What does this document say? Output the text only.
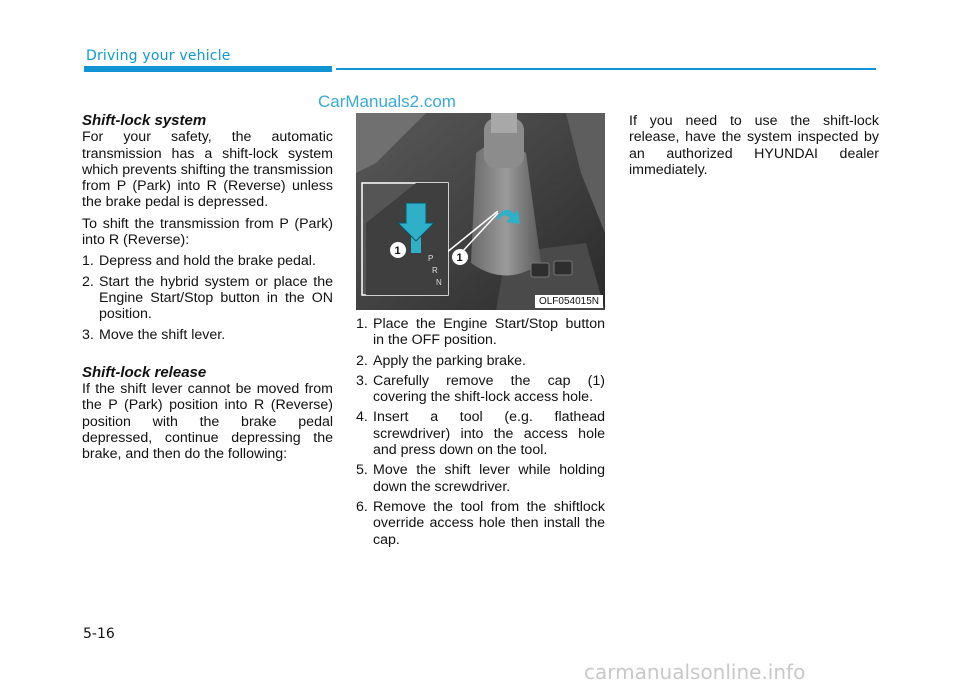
Driving your vehicle
CarManuals2.com

Shift-lock system

For your safety, the automatic transmission has a shift-lock system which prevents shifting the transmission from P (Park) into R (Reverse) unless the brake pedal is depressed.

To shift the transmission from P (Park) into R (Reverse):

1. Depress and hold the brake pedal.
2. Start the hybrid system or place the Engine Start/Stop button in the ON position.
3. Move the shift lever.

Shift-lock release

If the shift lever cannot be moved from the P (Park) position into R (Reverse) position with the brake pedal depressed, continue depressing the brake, and then do the following:

P
R
N
1
1
OLF054015N
1. Place the Engine Start/Stop button in the OFF position.
2. Apply the parking brake.
3. Carefully remove the cap (1) covering the shift-lock access hole.
4. Insert a tool (e.g. flathead screwdriver) into the access hole and press down on the tool.
5. Move the shift lever while holding down the screwdriver.
6. Remove the tool from the shiftlock override access hole then install the cap.

If you need to use the shift-lock release, have the system inspected by an authorized HYUNDAI dealer immediately.

5-16
carmanualsonline.info
